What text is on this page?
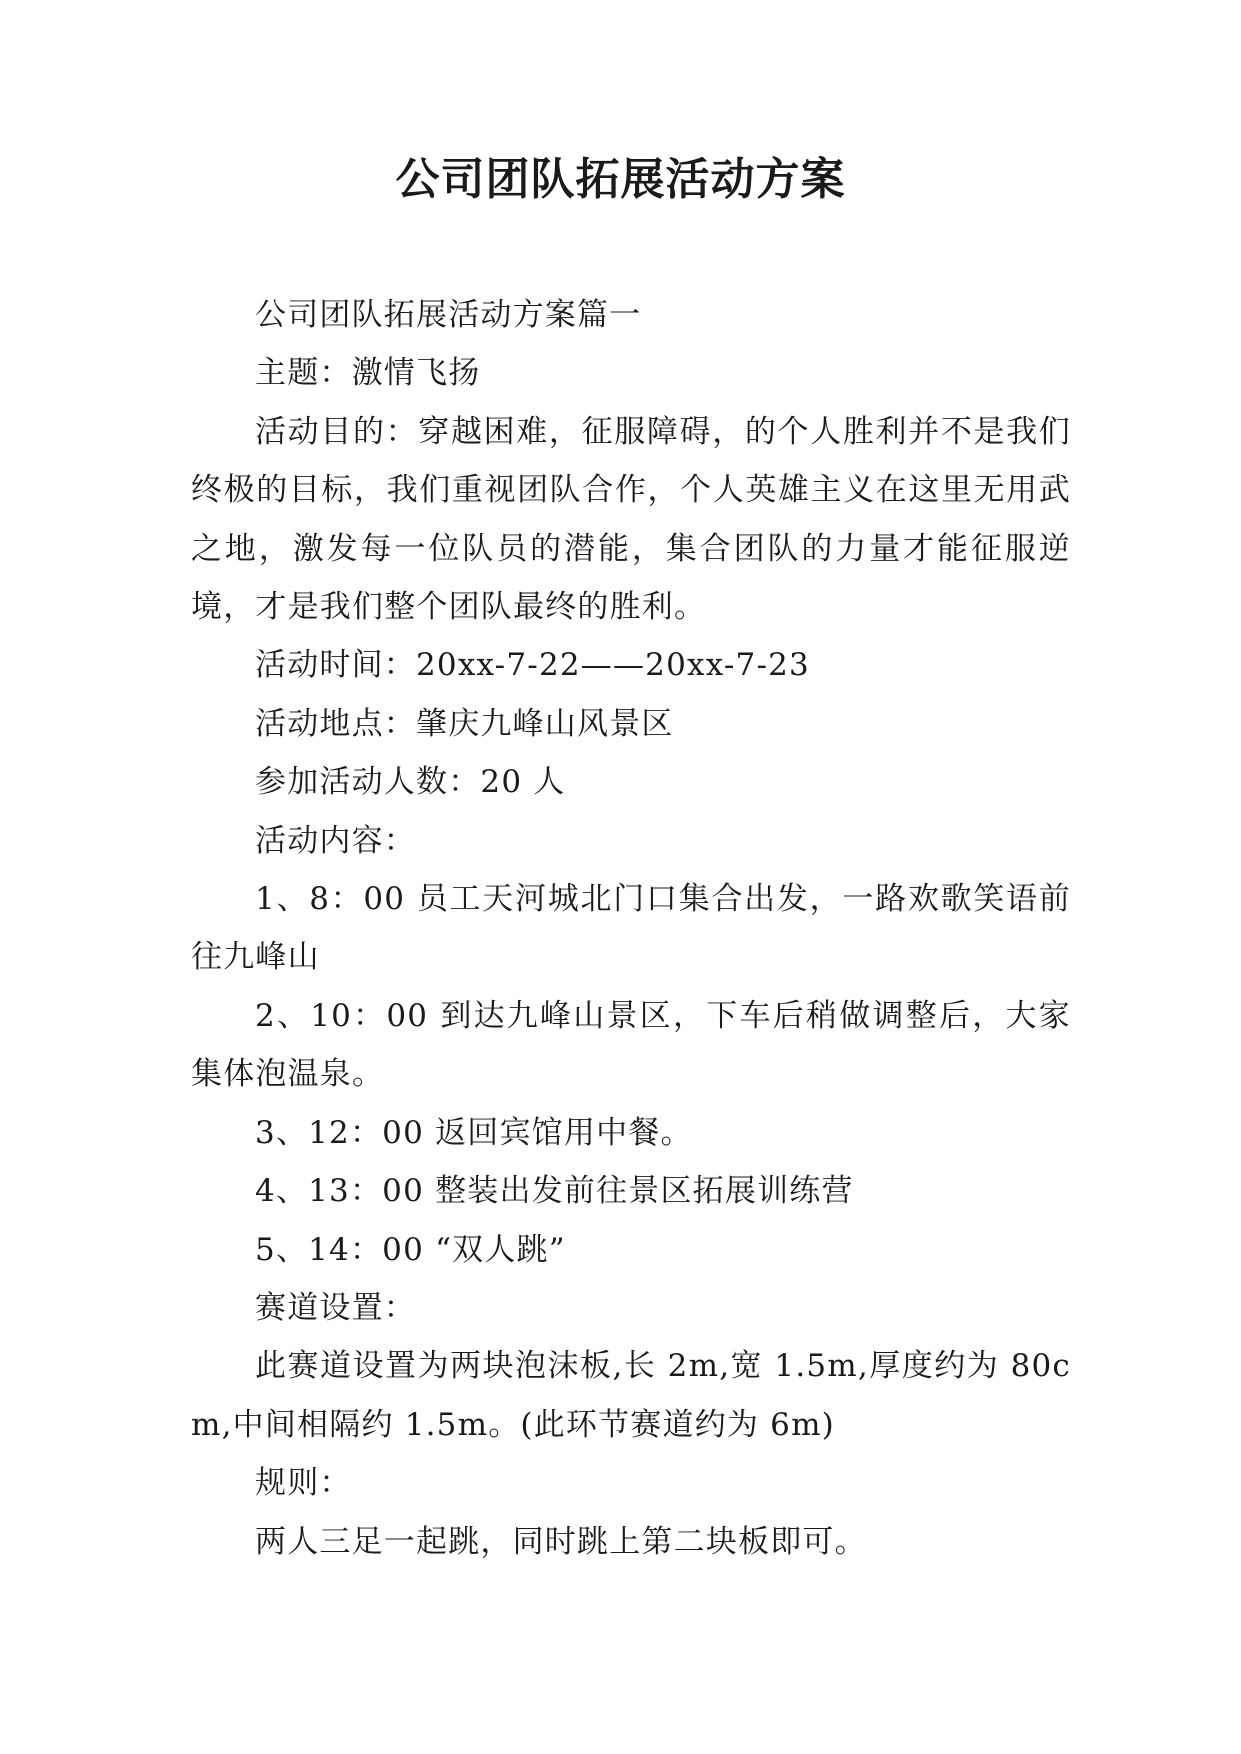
公司团队拓展活动方案

公司团队拓展活动方案篇一

主题：激情飞扬

活动目的：穿越困难，征服障碍，的个人胜利并不是我们终极的目标，我们重视团队合作，个人英雄主义在这里无用武之地，激发每一位队员的潜能，集合团队的力量才能征服逆境，才是我们整个团队最终的胜利。

活动时间：20xx-7-22——20xx-7-23

活动地点：肇庆九峰山风景区

参加活动人数：20 人

活动内容：

1、8：00 员工天河城北门口集合出发，一路欢歌笑语前往九峰山

2、10：00 到达九峰山景区，下车后稍做调整后，大家集体泡温泉。

3、12：00 返回宾馆用中餐。

4、13：00 整装出发前往景区拓展训练营

5、14：00 “双人跳”

赛道设置：

此赛道设置为两块泡沫板,长 2m,宽 1.5m,厚度约为 80cm,中间相隔约 1.5m。(此环节赛道约为 6m)

规则：

两人三足一起跳，同时跳上第二块板即可。
